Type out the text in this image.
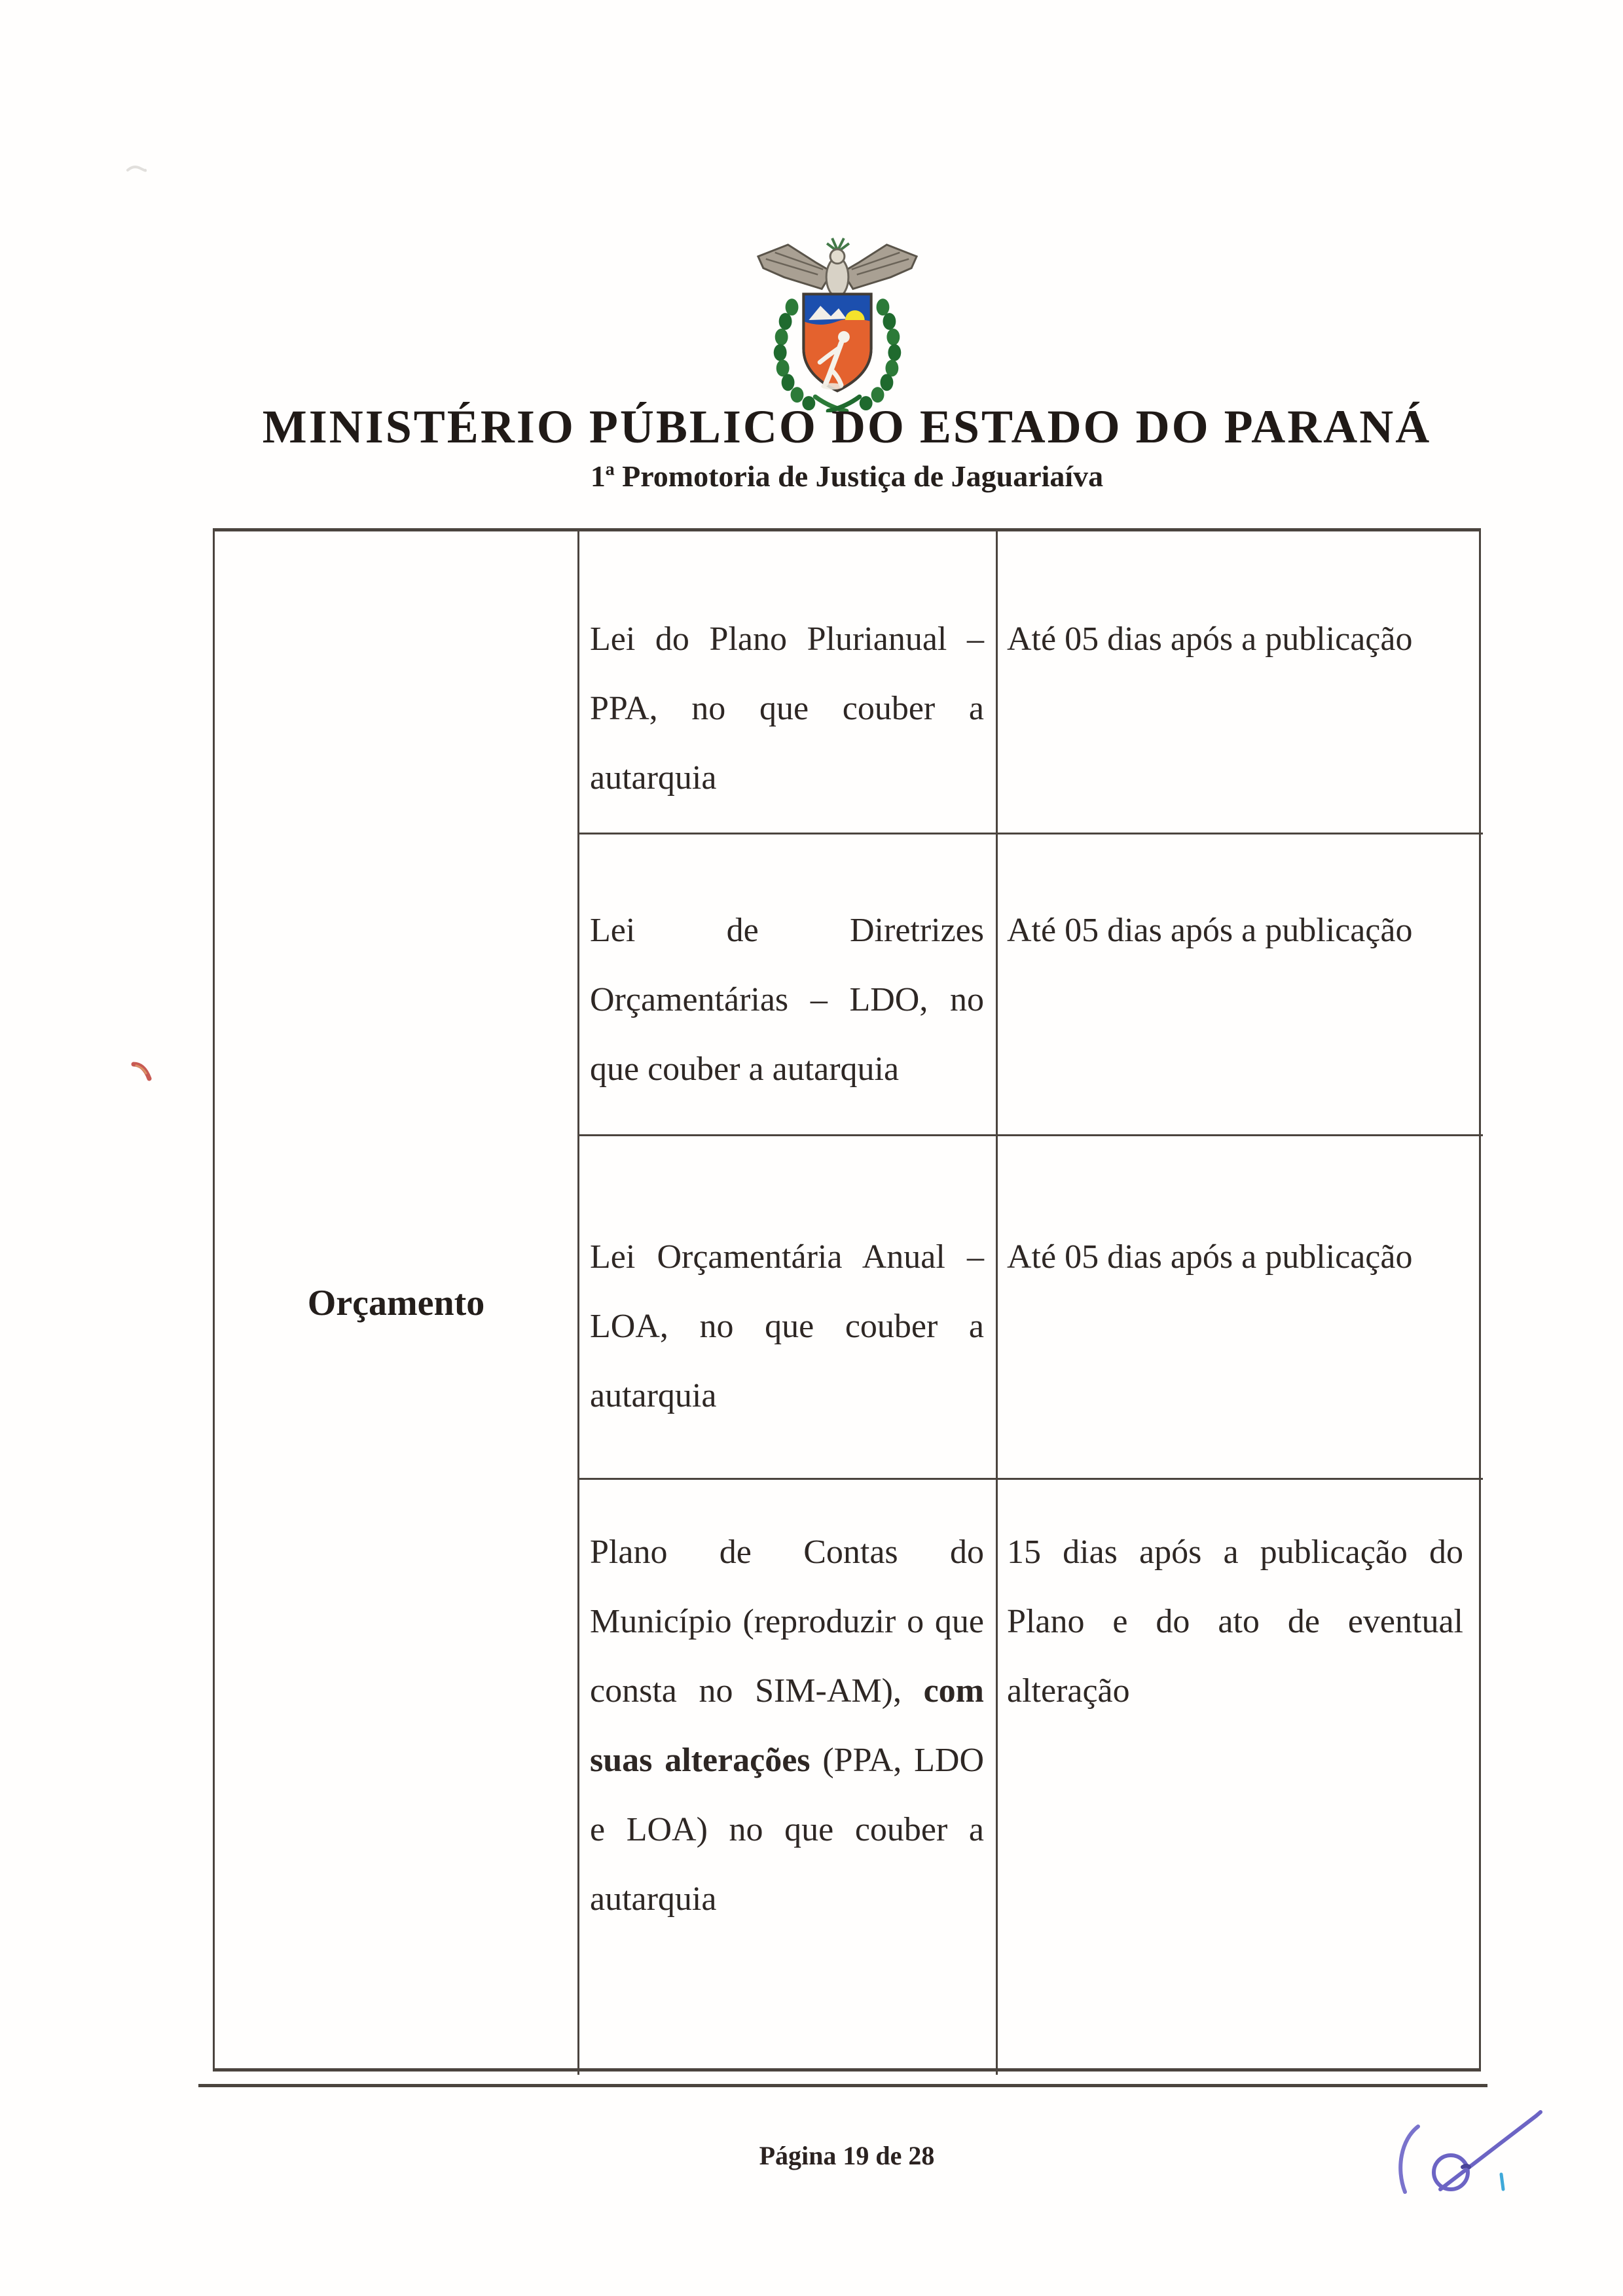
MINISTÉRIO PÚBLICO DO ESTADO DO PARANÁ
1ª Promotoria de Justiça de Jaguariaíva
Orçamento
Lei do Plano Plurianual – PPA, no que couber a autarquia
Até 05 dias após a publicação
Lei de Diretrizes Orçamentárias – LDO, no que couber a autarquia
Até 05 dias após a publicação
Lei Orçamentária Anual – LOA, no que couber a autarquia
Até 05 dias após a publicação
Plano de Contas do Município (reproduzir o que consta no SIM-AM), com suas alterações (PPA, LDO e LOA) no que couber a autarquia
15 dias após a publicação do Plano e do ato de eventual alteração
Página 19 de 28
